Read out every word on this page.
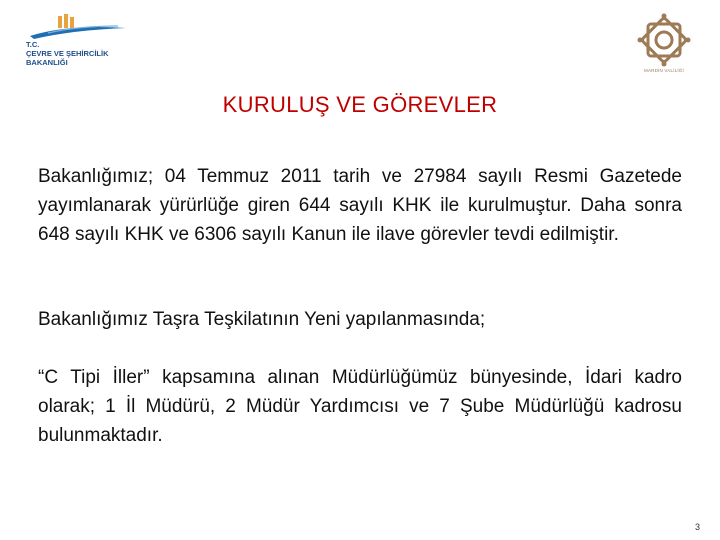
T.C.
ÇEVRE VE ŞEHİRCİLİK
BAKANLIĞI
MARDİN VALİLİĞİ
KURULUŞ VE GÖREVLER
Bakanlığımız; 04 Temmuz 2011 tarih ve 27984 sayılı Resmi Gazetede yayımlanarak yürürlüğe giren 644 sayılı KHK ile kurulmuştur. Daha sonra 648 sayılı KHK ve 6306 sayılı Kanun ile ilave görevler tevdi edilmiştir.
Bakanlığımız Taşra Teşkilatının Yeni yapılanmasında;
“C Tipi İller” kapsamına alınan Müdürlüğümüz bünyesinde, İdari kadro olarak; 1 İl Müdürü, 2 Müdür Yardımcısı ve 7 Şube Müdürlüğü kadrosu bulunmaktadır.
3
